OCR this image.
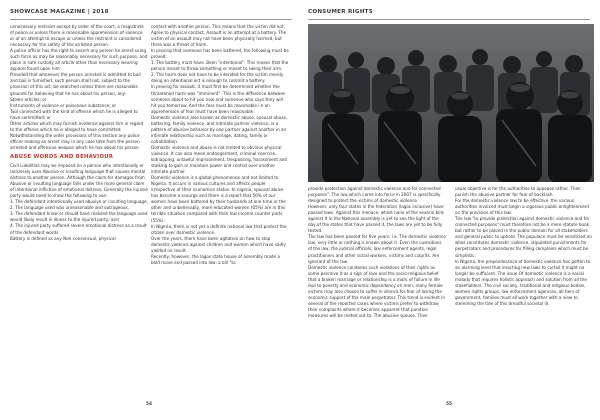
SHOWCASE MAGAZINE | 2018	CONSUMER RIGHTS

unnecessary restraint except by order of the court, a magistrate of peace or unless there is reasonable apprehension of violence or of an attempt to escape or unless the restraint is considered necessary for the safety of the arrested person.
A police officer has the right to search any person he arrest using such force as may be reasonably necessary for such purpose, and place in safe custody all article other than necessary wearing apparel found upon him:
Provided that whenever the person arrested is admitted to bail and bail is furnished, such person shall not, subject to the provision of this act, be searched unless there are reasonable grounds for believing that he has about his person, any-
Stolen articles; or
Instruments of violence or poisonous substance; or
Tool connected with the kind of offense which he is alleged to have committed; or
Other articles which may furnish evidence against him in regard to the offense which he is alleged to have committed.
Notwithstanding the order provisions of this section any police officer making an arrest may in any case take from the person arrested and offensive weapon which he has about his person.

ABUSE WORDS AND BEHAVIOUR

Civil Liabilities may be imposed on a person who intentionally or recklessly uses Abusive or insulting language that causes mental distress to another person. Although the claim for damages from Abusive or insulting language falls under the more general claim of intentional infliction of emotional distress, Generally the injured party would need to show the following to sue:
1. The defendant intentionally used abusive or insulting language,
2. The language used was unreasonable and outrageous,
3. The defendant knew or should have realized the language used would likely result in illness to the injured party; and
4. The injured party suffered severe emotional distress as a result of the defendant words.
Battery is defined as any Non-consensual, physical

contact with another person. This means that the victim did not. Agree to physical contact. Assault is an attempt at a battery. The victim of an assault may not have been physically harmed, but there was a threat of harm.
In proving that someone has been battered, the following must be proved:
1. The battery must have. Been "intentional". This means that the person meant to throw something or meant to swing their arm.
2. The harm does not have to be intended for the victim merely doing an intentional act is enough to commit a battery.
In proving for assault, it must first be determined whether the threatened harm was "imminent". This is the difference between someone about to hit you now and someone who says they will hit you tomorrow. And the fear must be reasonable i.e an apprehension of fear must have been reasonable.
Domestic violence also known as domestic abuse, spousal abuse, battering, family violence, and intimate partner violence, is a pattern of abusive behavior by one partner against another in an intimate relationship such as marriage, dating, family or cohabitation.
Domestic violence and abuse is not limited to obvious physical violence. It can also mean endangerment, criminal coercion, kidnapping, unlawful imprisonment, trespassing, harassment and stalking to gain or maintain power and control over another intimate partner.
Domestic violence is a global phenomenon and not limited to Nigeria. It occurs in various cultures and affects people irrespective of their economics status. In nigeria, spousal abuse has become a scourge and there is a report that 50% of our women have been battered by their husbands at one time or the other and unbelievably, more educated women (65%) are in this terrible situation compared with their low income counter parts (55%).
In Nigeria, there is not yet a definite national law that protect the citizen over domestic violence.
Over the years, there have been agitation on how to stop domestic violence against children and women which have sadly yielded no result.
Recently, however, the lagos state house of assembly made a bold move and passed into law, a bill "to

provide protection against domestic violence and for connected purposes". The law which came into force in 2007 is specifically designed to protect the victims of domestic violence.
However, only four states in the federation (lagos inclusive) have passed laws. Against this menace, whilst none of the several bills against it in the National assembly is yet to see the light of the day of the states that have passed it, the laws are yet to be fully tested.
The law has been passed for five years, i.e. The domestic violence law, very little or nothing is known about it. Even the custodians of the law, the judicial officials, law enforcement agents, legal practitioners and other social workers, victims and culprits. Are ignorant of the law.
Domestic violence condones such violations of their rights as some perceive it as a sign of love and the socio-religious belief that a broken marriage or relationship is a mark of failure in life due to poverty and economic dependency on men; many female victims may also choose to suffer in silence for fear of losing the economic support of the male perpetrator. This trend is evident in several of the reported cases where victims prefer to withdraw their complaints where it becomes apparent that punitive measures will be meted out to. The abusive spouse. Their

usual objective is for the authorities to appease rather. Than punish the abusive partner for fear of backlash.
For the domestic violence law to be effective, the various authorities involved must begin a vigorous public enlightenment on the provision of this law.
The law "to provide protection against domestic violence and for connected purposes" must therefore not be a mere statute book but rather to be placed in the public domain for all stakeholders and general public to uphold. The populace must be sensitized on what constitutes domestic violence, stipulated punishments for perpetrators and procedures for filling complains which must be simplistic.
In Nigeria, the preponderance of domestic violence has gotten to an alarming level that enacting new laws to curtail it might no longer be sufficient. The issue Of domestic violence is a social malady that requires holistic approach and solution from all the stakeholders. The civil society, traditional and religious bodies, women rights groups, law enforcement agencies, all tiers of government, families must all work together with a view to stemming the tide of this dreadful societal ill.

54	55
